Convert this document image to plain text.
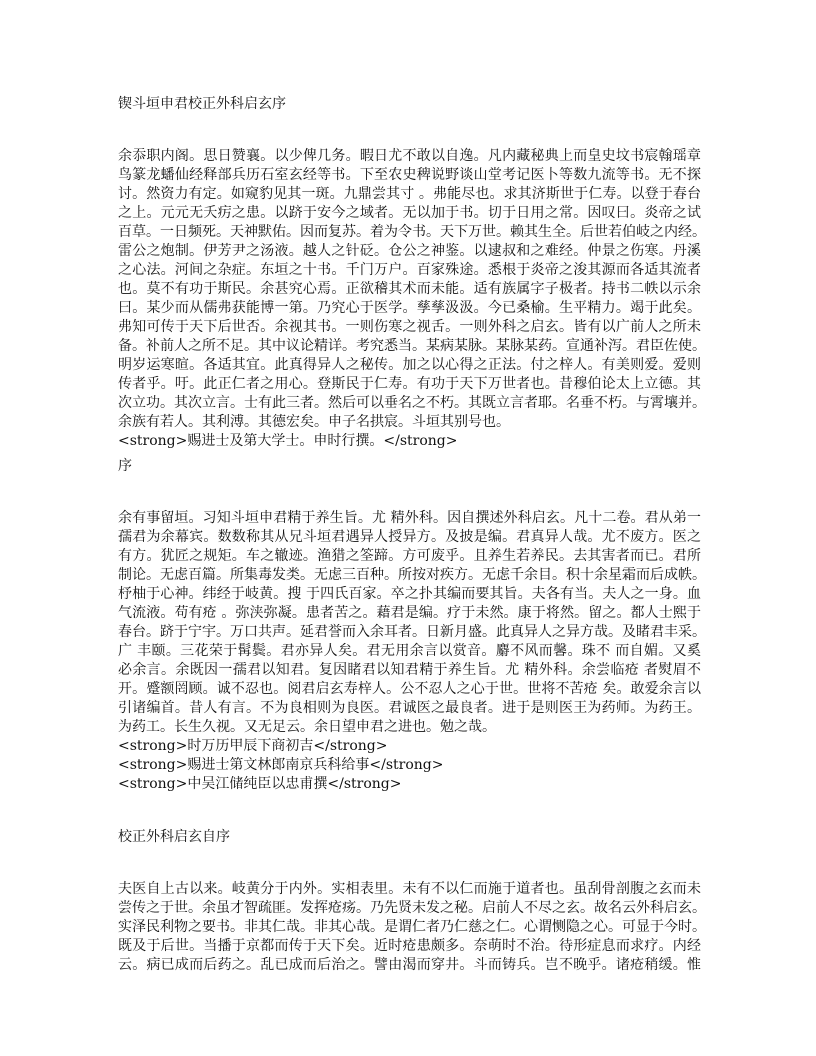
锲斗垣申君校正外科启玄序
余忝职内阁。思日赞襄。以少俾几务。暇日尤不敢以自逸。凡内藏秘典上而皇史坟书宸翰瑶章
鸟篆龙蟠仙经释部兵历石室玄经等书。下至农史稗说野谈山堂考记医卜等数九流等书。无不探
讨。然资力有定。如窥豹见其一斑。九鼎尝其寸 。弗能尽也。求其济斯世于仁寿。以登于春台
之上。元元无夭疠之患。以跻于安今之域者。无以加于书。切于日用之常。因叹曰。炎帝之试
百草。一日频死。天神默佑。因而复苏。着为令书。天下万世。赖其生全。后世若伯岐之内经。
雷公之炮制。伊芳尹之汤液。越人之针砭。仓公之神鉴。以逮叔和之难经。仲景之伤寒。丹溪
之心法。河间之杂症。东垣之十书。千门万户。百家殊途。悉根于炎帝之浚其源而各适其流者
也。莫不有功于斯民。余甚究心焉。正欲稽其术而未能。适有族属字子极者。持书二帙以示余
曰。某少而从儒弗获能博一第。乃究心于医学。孳孳汲汲。今已桑榆。生平精力。竭于此矣。
弗知可传于天下后世否。余视其书。一则伤寒之视舌。一则外科之启玄。皆有以广前人之所未
备。补前人之所不足。其中议论精详。考究悉当。某病某脉。某脉某药。宣通补泻。君臣佐使。
明岁运寒暄。各适其宜。此真得异人之秘传。加之以心得之正法。付之梓人。有美则爱。爱则
传者乎。吁。此正仁者之用心。登斯民于仁寿。有功于天下万世者也。昔穆伯论太上立德。其
次立功。其次立言。士有此三者。然后可以垂名之不朽。其既立言者耶。名垂不朽。与霄壤并。
余族有若人。其利溥。其德宏矣。申子名拱宸。斗垣其别号也。
<strong>赐进士及第大学士。申时行撰。</strong>
序
余有事留垣。习知斗垣申君精于养生旨。尤 精外科。因自撰述外科启玄。凡十二卷。君从弟一
孺君为余幕宾。数数称其从兄斗垣君遇异人授异方。及披是编。君真异人哉。尤不废方。医之
有方。犹匠之规矩。车之辙迹。渔猎之筌蹄。方可废乎。且养生若养民。去其害者而已。君所
制论。无虑百篇。所集毒发类。无虑三百种。所按对疾方。无虑千余目。积十余星霜而后成帙。
杼柚于心神。纬经于岐黄。搜 于四氏百家。卒之扑其编而要其旨。夫各有当。夫人之一身。血
气流液。苟有疮 。弥浃弥凝。患者苦之。藉君是编。疗于未然。康于将然。留之。都人士熙于
春台。跻于宁宇。万口共声。延君誉而入余耳者。日新月盛。此真异人之异方哉。及睹君丰采。
广 丰颐。三花荣于髯鬓。君亦异人矣。君无用余言以赏音。麝不风而馨。珠不 而自媚。又奚
必余言。余既因一孺君以知君。复因睹君以知君精于养生旨。尤 精外科。余尝临疮 者熨眉不
开。蹙额罔顾。诚不忍也。阅君启玄寿梓人。公不忍人之心于世。世将不苦疮 矣。敢爱余言以
引诸编首。昔人有言。不为良相则为良医。君诚医之最良者。进于是则医王为药师。为药王。
为药工。长生久视。又无足云。余日望申君之进也。勉之哉。
<strong>时万历甲辰下商初吉</strong>
<strong>赐进士第文林郎南京兵科给事</strong>
<strong>中吴江储纯臣以忠甫撰</strong>
校正外科启玄自序
夫医自上古以来。岐黄分于内外。实相表里。未有不以仁而施于道者也。虽刮骨剖腹之玄而未
尝传之于世。余虽才智疏匪。发挥疮疡。乃先贤未发之秘。启前人不尽之玄。故名云外科启玄。
实泽民利物之要书。非其仁哉。非其心哉。是谓仁者乃仁慈之仁。心谓恻隐之心。可显于今时。
既及于后世。当播于京都而传于天下矣。近时疮患颇多。奈萌时不治。待形症息而求疗。内经
云。病已成而后药之。乱已成而后治之。譬由渴而穿井。斗而铸兵。岂不晚乎。诸疮稍缓。惟
